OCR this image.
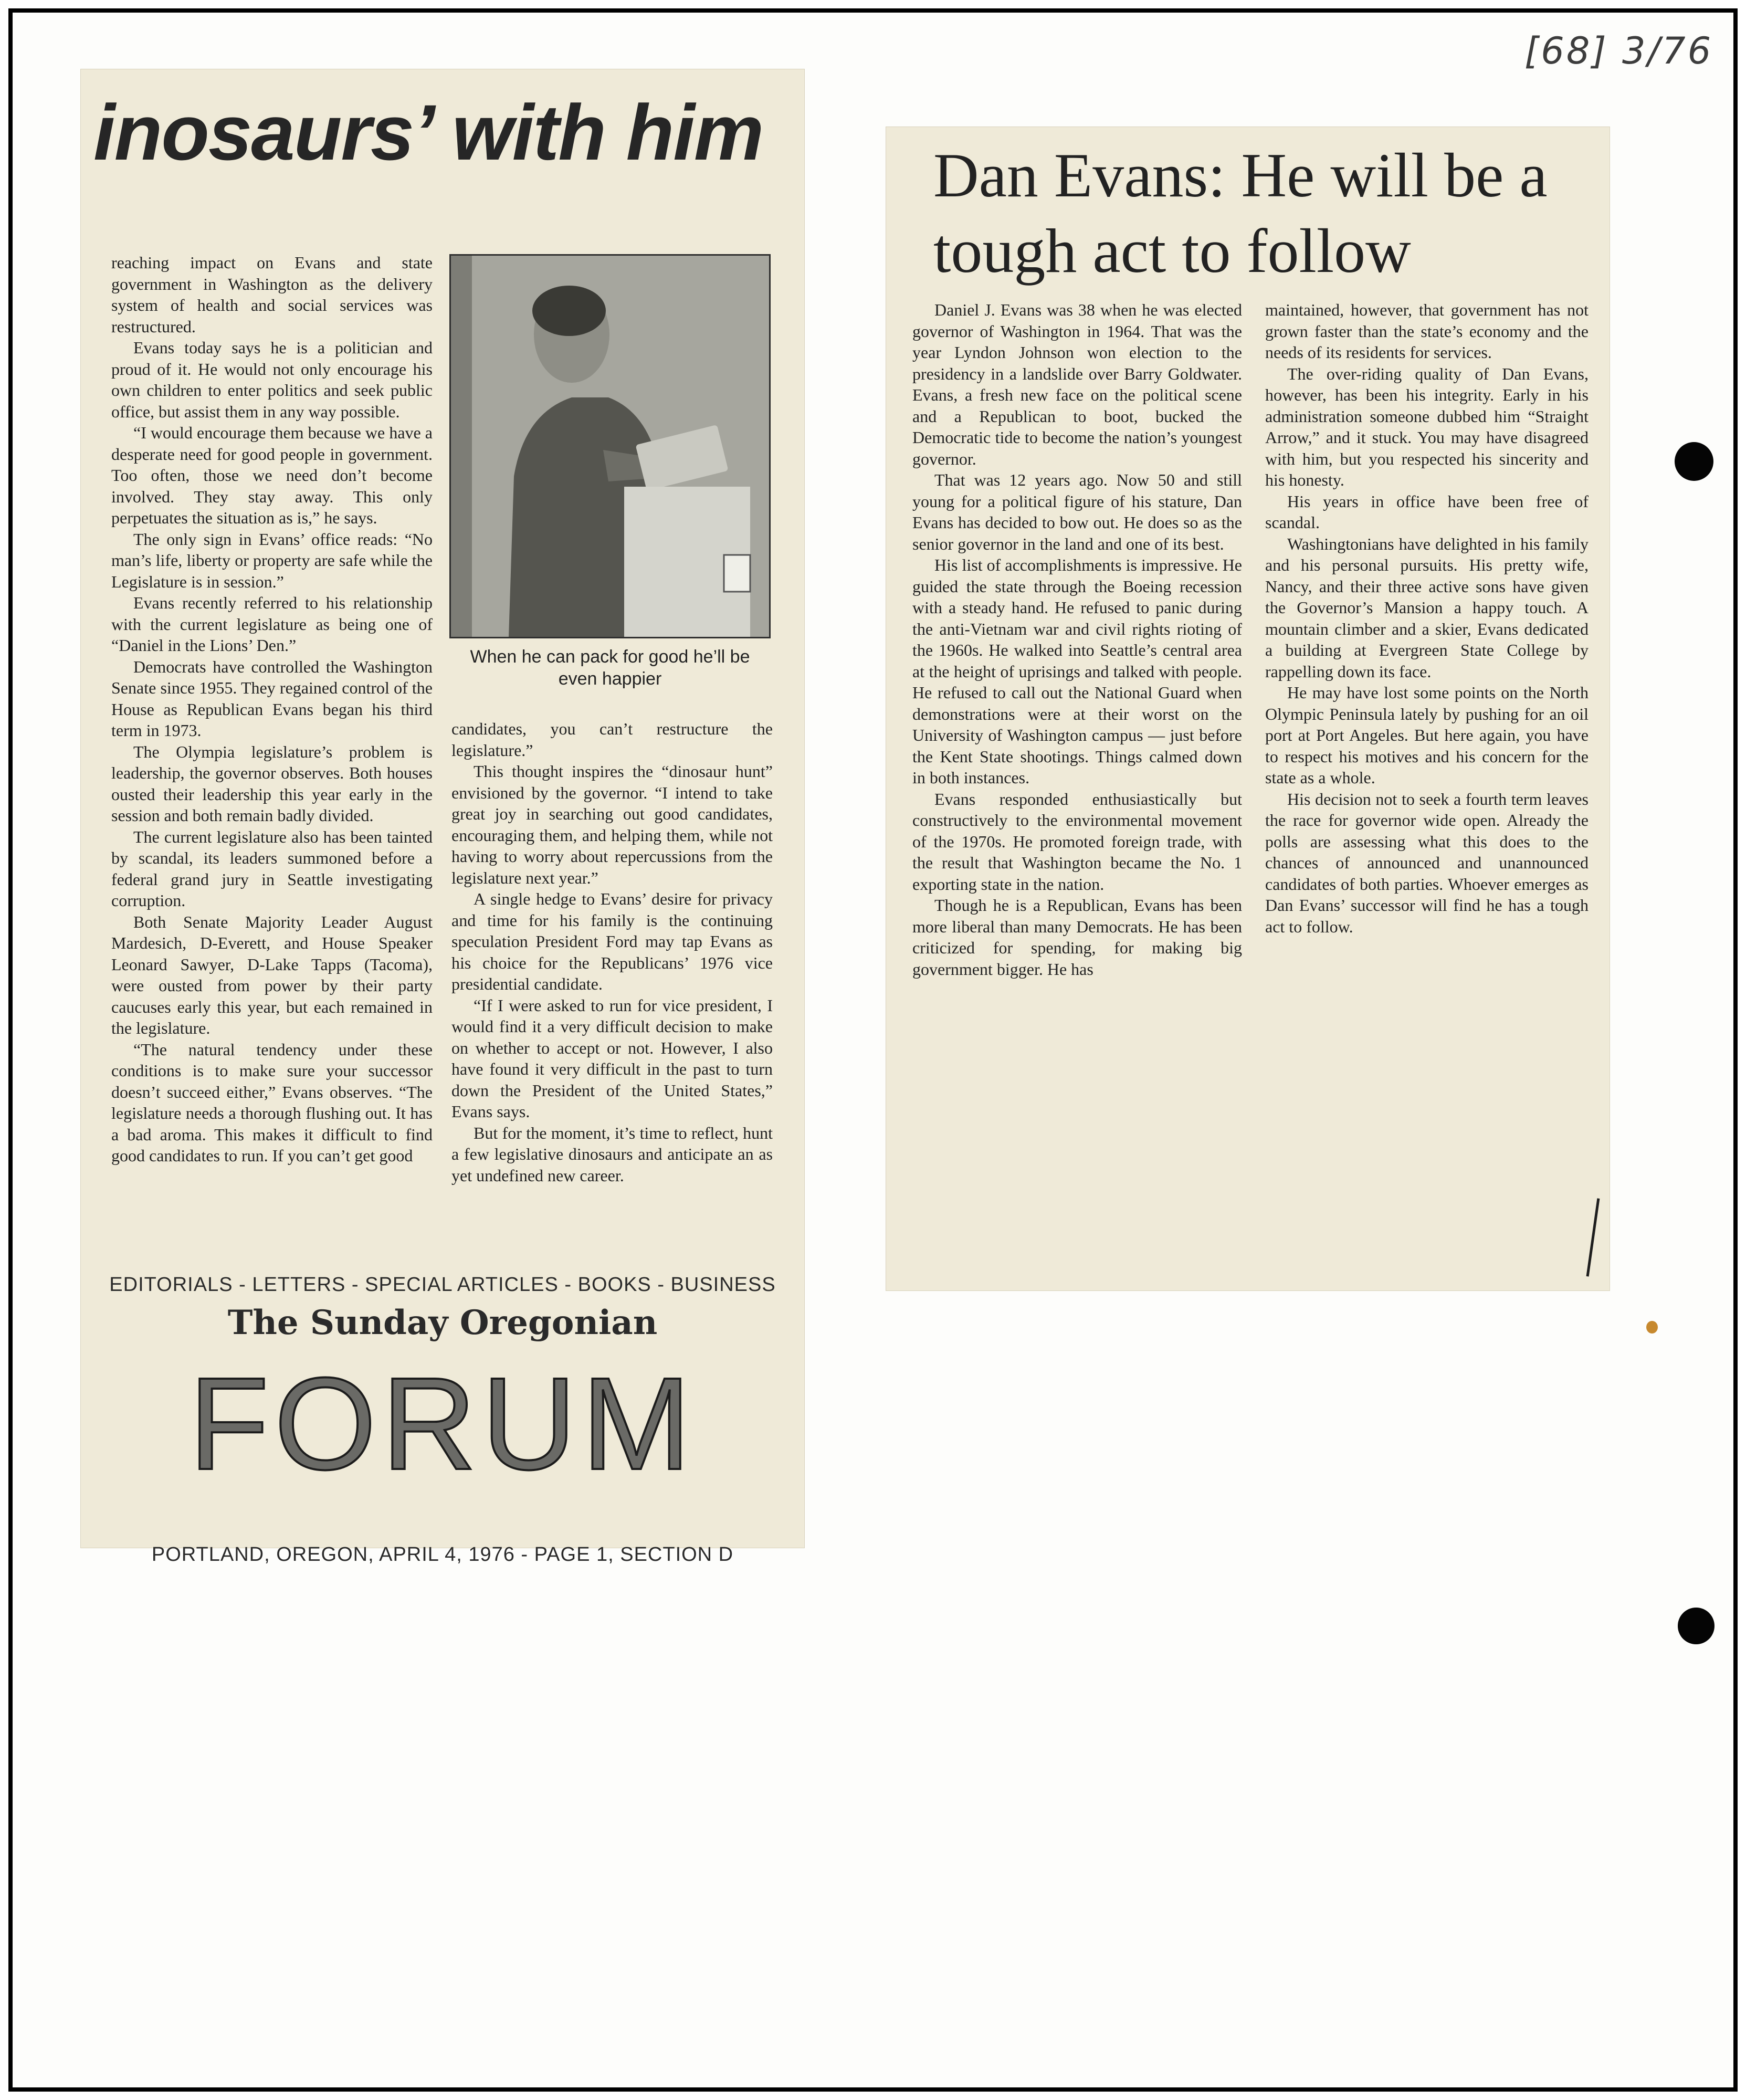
[68] 3/76
inosaurs’ with him

reaching impact on Evans and state government in Washington as the delivery system of health and social services was restructured.

Evans today says he is a politician and proud of it. He would not only encourage his own children to enter politics and seek public office, but assist them in any way possible.

“I would encourage them because we have a desperate need for good people in government. Too often, those we need don’t become involved. They stay away. This only perpetuates the situation as is,” he says.

The only sign in Evans’ office reads: “No man’s life, liberty or property are safe while the Legislature is in session.”

Evans recently referred to his relationship with the current legislature as being one of “Daniel in the Lions’ Den.”

Democrats have controlled the Washington Senate since 1955. They regained control of the House as Republican Evans began his third term in 1973.

The Olympia legislature’s problem is leadership, the governor observes. Both houses ousted their leadership this year early in the session and both remain badly divided.

The current legislature also has been tainted by scandal, its leaders summoned before a federal grand jury in Seattle investigating corruption.

Both Senate Majority Leader August Mardesich, D-Everett, and House Speaker Leonard Sawyer, D-Lake Tapps (Tacoma), were ousted from power by their party caucuses early this year, but each remained in the legislature.

“The natural tendency under these conditions is to make sure your successor doesn’t succeed either,” Evans observes. “The legislature needs a thorough flushing out. It has a bad aroma. This makes it difficult to find good candidates to run. If you can’t get good

When he can pack for good he’ll be even happier

candidates, you can’t restructure the legislature.”

This thought inspires the “dinosaur hunt” envisioned by the governor. “I intend to take great joy in searching out good candidates, encouraging them, and helping them, while not having to worry about repercussions from the legislature next year.”

A single hedge to Evans’ desire for privacy and time for his family is the continuing speculation President Ford may tap Evans as his choice for the Republicans’ 1976 vice presidential candidate.

“If I were asked to run for vice president, I would find it a very difficult decision to make on whether to accept or not. However, I also have found it very difficult in the past to turn down the President of the United States,” Evans says.

But for the moment, it’s time to reflect, hunt a few legislative dinosaurs and anticipate an as yet undefined new career.

EDITORIALS - LETTERS - SPECIAL ARTICLES - BOOKS - BUSINESS
The Sunday Oregonian
FORUM
PORTLAND, OREGON, APRIL 4, 1976 - PAGE 1, SECTION D
Dan Evans: He will be a tough act to follow

Daniel J. Evans was 38 when he was elected governor of Washington in 1964. That was the year Lyndon Johnson won election to the presidency in a landslide over Barry Goldwater. Evans, a fresh new face on the political scene and a Republican to boot, bucked the Democratic tide to become the nation’s youngest governor.

That was 12 years ago. Now 50 and still young for a political figure of his stature, Dan Evans has decided to bow out. He does so as the senior governor in the land and one of its best.

His list of accomplishments is impressive. He guided the state through the Boeing recession with a steady hand. He refused to panic during the anti-Vietnam war and civil rights rioting of the 1960s. He walked into Seattle’s central area at the height of uprisings and talked with people. He refused to call out the National Guard when demonstrations were at their worst on the University of Washington campus — just before the Kent State shootings. Things calmed down in both instances.

Evans responded enthusiastically but constructively to the environmental movement of the 1970s. He promoted foreign trade, with the result that Washington became the No. 1 exporting state in the nation.

Though he is a Republican, Evans has been more liberal than many Democrats. He has been criticized for spending, for making big government bigger. He has

maintained, however, that government has not grown faster than the state’s economy and the needs of its residents for services.

The over-riding quality of Dan Evans, however, has been his integrity. Early in his administration someone dubbed him “Straight Arrow,” and it stuck. You may have disagreed with him, but you respected his sincerity and his honesty.

His years in office have been free of scandal.

Washingtonians have delighted in his family and his personal pursuits. His pretty wife, Nancy, and their three active sons have given the Governor’s Mansion a happy touch. A mountain climber and a skier, Evans dedicated a building at Evergreen State College by rappelling down its face.

He may have lost some points on the North Olympic Peninsula lately by pushing for an oil port at Port Angeles. But here again, you have to respect his motives and his concern for the state as a whole.

His decision not to seek a fourth term leaves the race for governor wide open. Already the polls are assessing what this does to the chances of announced and unannounced candidates of both parties. Whoever emerges as Dan Evans’ successor will find he has a tough act to follow.
